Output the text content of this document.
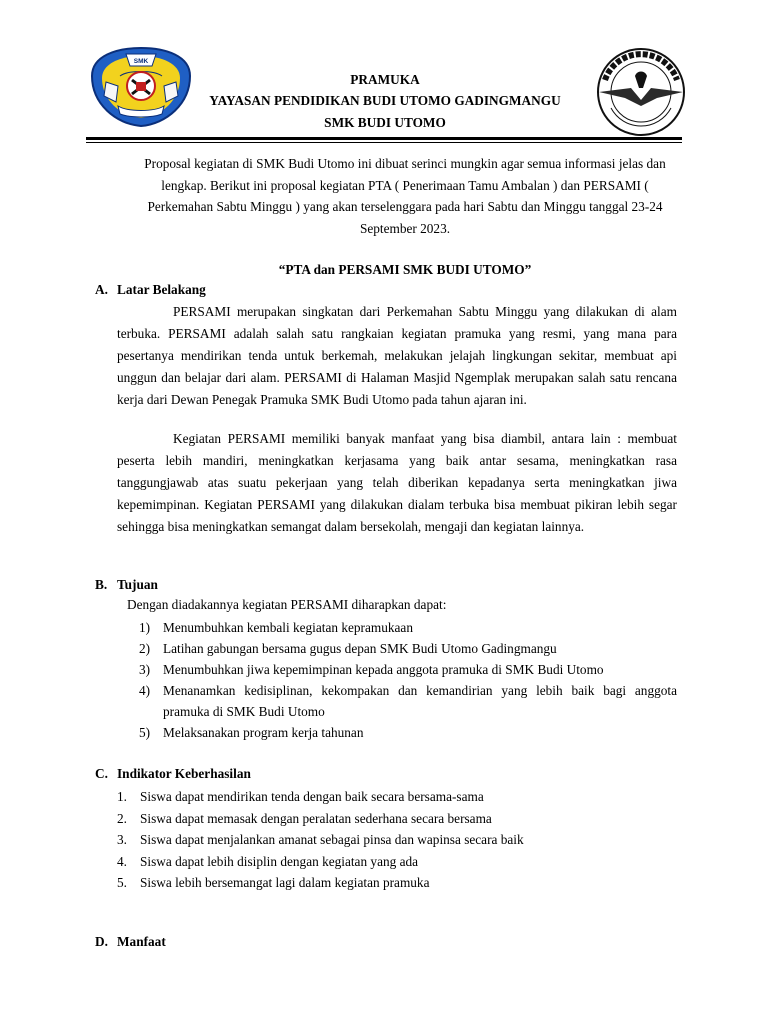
SMK
PRAMUKA
YAYASAN PENDIDIKAN BUDI UTOMO GADINGMANGU
SMK BUDI UTOMO
Proposal kegiatan di SMK Budi Utomo ini dibuat serinci mungkin agar semua informasi jelas dan lengkap. Berikut ini proposal kegiatan PTA ( Penerimaan Tamu Ambalan ) dan PERSAMI ( Perkemahan Sabtu Minggu ) yang akan terselenggara pada hari Sabtu dan Minggu tanggal 23-24 September 2023.
“PTA dan PERSAMI SMK BUDI UTOMO”
A. Latar Belakang
PERSAMI merupakan singkatan dari Perkemahan Sabtu Minggu yang dilakukan di alam terbuka. PERSAMI adalah salah satu rangkaian kegiatan pramuka yang resmi, yang mana para pesertanya mendirikan tenda untuk berkemah, melakukan jelajah lingkungan sekitar, membuat api unggun dan belajar dari alam. PERSAMI di Halaman Masjid Ngemplak merupakan salah satu rencana kerja dari Dewan Penegak Pramuka SMK Budi Utomo pada tahun ajaran ini.
Kegiatan PERSAMI memiliki banyak manfaat yang bisa diambil, antara lain : membuat peserta lebih mandiri, meningkatkan kerjasama yang baik antar sesama, meningkatkan rasa tanggungjawab atas suatu pekerjaan yang telah diberikan kepadanya serta meningkatkan jiwa kepemimpinan. Kegiatan PERSAMI yang dilakukan dialam terbuka bisa membuat pikiran lebih segar sehingga bisa meningkatkan semangat dalam bersekolah, mengaji dan kegiatan lainnya.
B. Tujuan
Dengan diadakannya kegiatan PERSAMI diharapkan dapat:
1) Menumbuhkan kembali kegiatan kepramukaan
2) Latihan gabungan bersama gugus depan SMK Budi Utomo Gadingmangu
3) Menumbuhkan jiwa kepemimpinan kepada anggota pramuka di SMK Budi Utomo
4) Menanamkan kedisiplinan, kekompakan dan kemandirian yang lebih baik bagi anggota pramuka di SMK Budi Utomo
5) Melaksanakan program kerja tahunan
C. Indikator Keberhasilan
1. Siswa dapat mendirikan tenda dengan baik secara bersama-sama
2. Siswa dapat memasak dengan peralatan sederhana secara bersama
3. Siswa dapat menjalankan amanat sebagai pinsa dan wapinsa secara baik
4. Siswa dapat lebih disiplin dengan kegiatan yang ada
5. Siswa lebih bersemangat lagi dalam kegiatan pramuka
D. Manfaat
